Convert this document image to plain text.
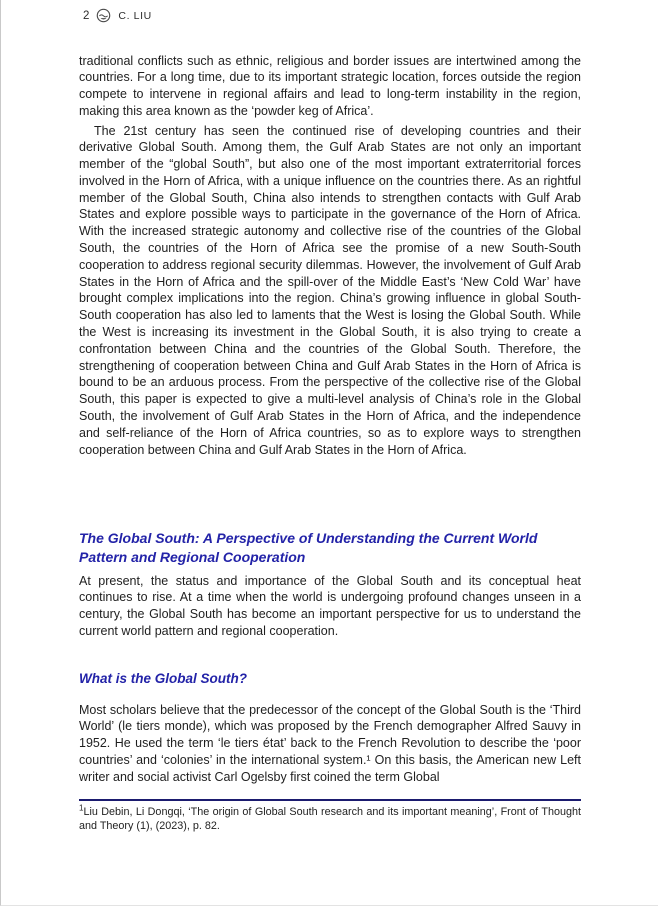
2	C. LIU

traditional conflicts such as ethnic, religious and border issues are intertwined among the countries. For a long time, due to its important strategic location, forces outside the region compete to intervene in regional affairs and lead to long-term instability in the region, making this area known as the ‘powder keg of Africa’.

The 21st century has seen the continued rise of developing countries and their derivative Global South. Among them, the Gulf Arab States are not only an important member of the “global South”, but also one of the most important extraterritorial forces involved in the Horn of Africa, with a unique influence on the countries there. As an rightful member of the Global South, China also intends to strengthen contacts with Gulf Arab States and explore possible ways to participate in the governance of the Horn of Africa. With the increased strategic autonomy and collective rise of the countries of the Global South, the countries of the Horn of Africa see the promise of a new South-South cooperation to address regional security dilemmas. However, the involvement of Gulf Arab States in the Horn of Africa and the spill-over of the Middle East’s ‘New Cold War’ have brought complex implications into the region. China’s growing influence in global South-South cooperation has also led to laments that the West is losing the Global South. While the West is increasing its investment in the Global South, it is also trying to create a confrontation between China and the countries of the Global South. Therefore, the strengthening of cooperation between China and Gulf Arab States in the Horn of Africa is bound to be an arduous process. From the perspective of the collective rise of the Global South, this paper is expected to give a multi-level analysis of China’s role in the Global South, the involvement of Gulf Arab States in the Horn of Africa, and the independence and self-reliance of the Horn of Africa countries, so as to explore ways to strengthen cooperation between China and Gulf Arab States in the Horn of Africa.

The Global South: A Perspective of Understanding the Current World Pattern and Regional Cooperation

At present, the status and importance of the Global South and its conceptual heat continues to rise. At a time when the world is undergoing profound changes unseen in a century, the Global South has become an important perspective for us to understand the current world pattern and regional cooperation.

What is the Global South?

Most scholars believe that the predecessor of the concept of the Global South is the ‘Third World’ (le tiers monde), which was proposed by the French demographer Alfred Sauvy in 1952. He used the term ‘le tiers état’ back to the French Revolution to describe the ‘poor countries’ and ‘colonies’ in the international system.¹ On this basis, the American new Left writer and social activist Carl Ogelsby first coined the term Global

$^1$Liu Debin, Li Dongqi, ‘The origin of Global South research and its important meaning’, Front of Thought and Theory (1), (2023), p. 82.
